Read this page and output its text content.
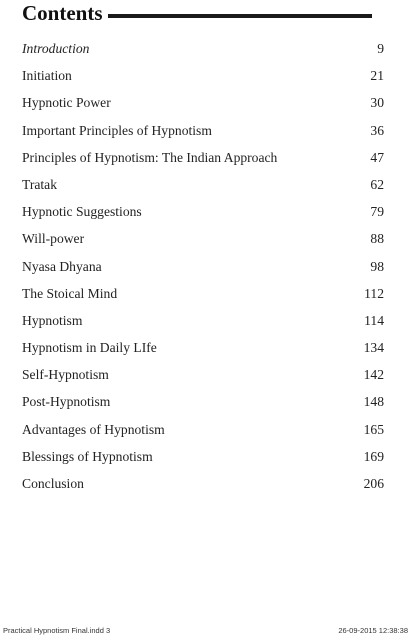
Contents
Introduction	9
Initiation	21
Hypnotic Power	30
Important Principles of Hypnotism	36
Principles of Hypnotism: The Indian Approach	47
Tratak	62
Hypnotic Suggestions	79
Will-power	88
Nyasa Dhyana	98
The Stoical Mind	112
Hypnotism	114
Hypnotism in Daily LIfe	134
Self-Hypnotism	142
Post-Hypnotism	148
Advantages of Hypnotism	165
Blessings of Hypnotism	169
Conclusion	206
Practical Hypnotism Final.indd 3	26-09-2015 12:38:38
